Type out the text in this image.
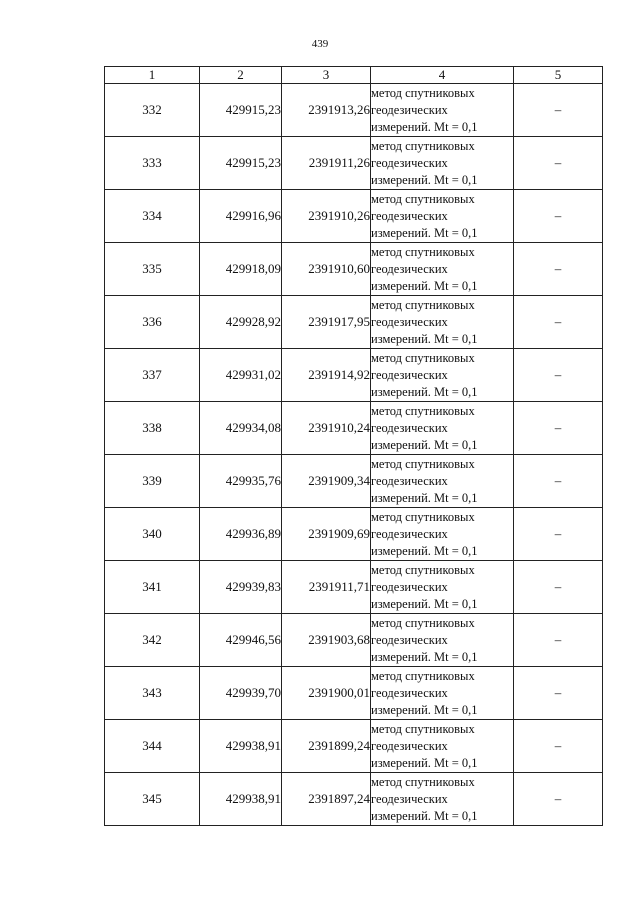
439
1	2	3	4	5
332	429915,23	2391913,26	метод спутниковых
геодезических
измерений. Mt = 0,1	–
333	429915,23	2391911,26	метод спутниковых
геодезических
измерений. Mt = 0,1	–
334	429916,96	2391910,26	метод спутниковых
геодезических
измерений. Mt = 0,1	–
335	429918,09	2391910,60	метод спутниковых
геодезических
измерений. Mt = 0,1	–
336	429928,92	2391917,95	метод спутниковых
геодезических
измерений. Mt = 0,1	–
337	429931,02	2391914,92	метод спутниковых
геодезических
измерений. Mt = 0,1	–
338	429934,08	2391910,24	метод спутниковых
геодезических
измерений. Mt = 0,1	–
339	429935,76	2391909,34	метод спутниковых
геодезических
измерений. Mt = 0,1	–
340	429936,89	2391909,69	метод спутниковых
геодезических
измерений. Mt = 0,1	–
341	429939,83	2391911,71	метод спутниковых
геодезических
измерений. Mt = 0,1	–
342	429946,56	2391903,68	метод спутниковых
геодезических
измерений. Mt = 0,1	–
343	429939,70	2391900,01	метод спутниковых
геодезических
измерений. Mt = 0,1	–
344	429938,91	2391899,24	метод спутниковых
геодезических
измерений. Mt = 0,1	–
345	429938,91	2391897,24	метод спутниковых
геодезических
измерений. Mt = 0,1	–
